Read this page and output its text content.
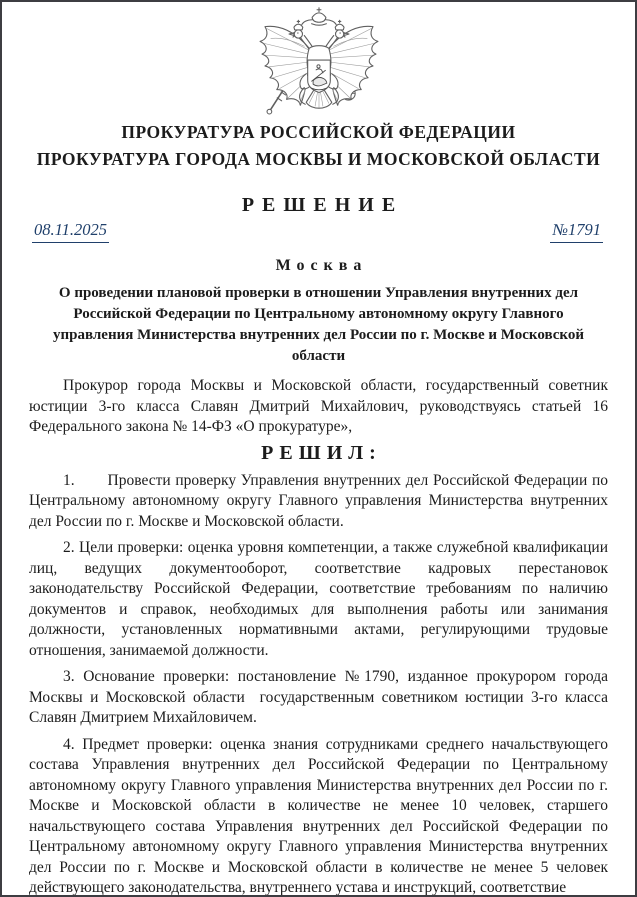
ПРОКУРАТУРА РОССИЙСКОЙ ФЕДЕРАЦИИ
ПРОКУРАТУРА ГОРОДА МОСКВЫ И МОСКОВСКОЙ ОБЛАСТИ
РЕШЕНИЕ
08.11.2025	№1791
Москва
О проведении плановой проверки в отношении Управления внутренних дел Российской Федерации по Центральному автономному округу Главного управления Министерства внутренних дел России по г. Москве и Московской области

Прокурор города Москвы и Московской области, государственный советник юстиции 3-го класса Славян Дмитрий Михайлович, руководствуясь статьей 16 Федерального закона № 14-ФЗ «О прокуратуре»,

РЕШИЛ:

1.       Провести проверку Управления внутренних дел Российской Федерации по Центральному автономному округу Главного управления Министерства внутренних дел России по г. Москве и Московской области.

2. Цели проверки: оценка уровня компетенции, а также служебной квалификации лиц, ведущих документооборот, соответствие кадровых перестановок законодательству Российской Федерации, соответствие требованиям по наличию документов и справок, необходимых для выполнения работы или занимания должности, установленных нормативными актами, регулирующими трудовые отношения, занимаемой должности.

3. Основание проверки: постановление №1790, изданное прокурором города Москвы и Московской области  государственным советником юстиции 3-го класса Славян Дмитрием Михайловичем.

4. Предмет проверки: оценка знания сотрудниками среднего начальствующего состава Управления внутренних дел Российской Федерации по Центральному автономному округу Главного управления Министерства внутренних дел России по г. Москве и Московской области в количестве не менее 10 человек, старшего начальствующего состава Управления внутренних дел Российской Федерации по Центральному автономному округу Главного управления Министерства внутренних дел России по г. Москве и Московской области в количестве не менее 5 человек действующего законодательства, внутреннего устава и инструкций, соответствие
